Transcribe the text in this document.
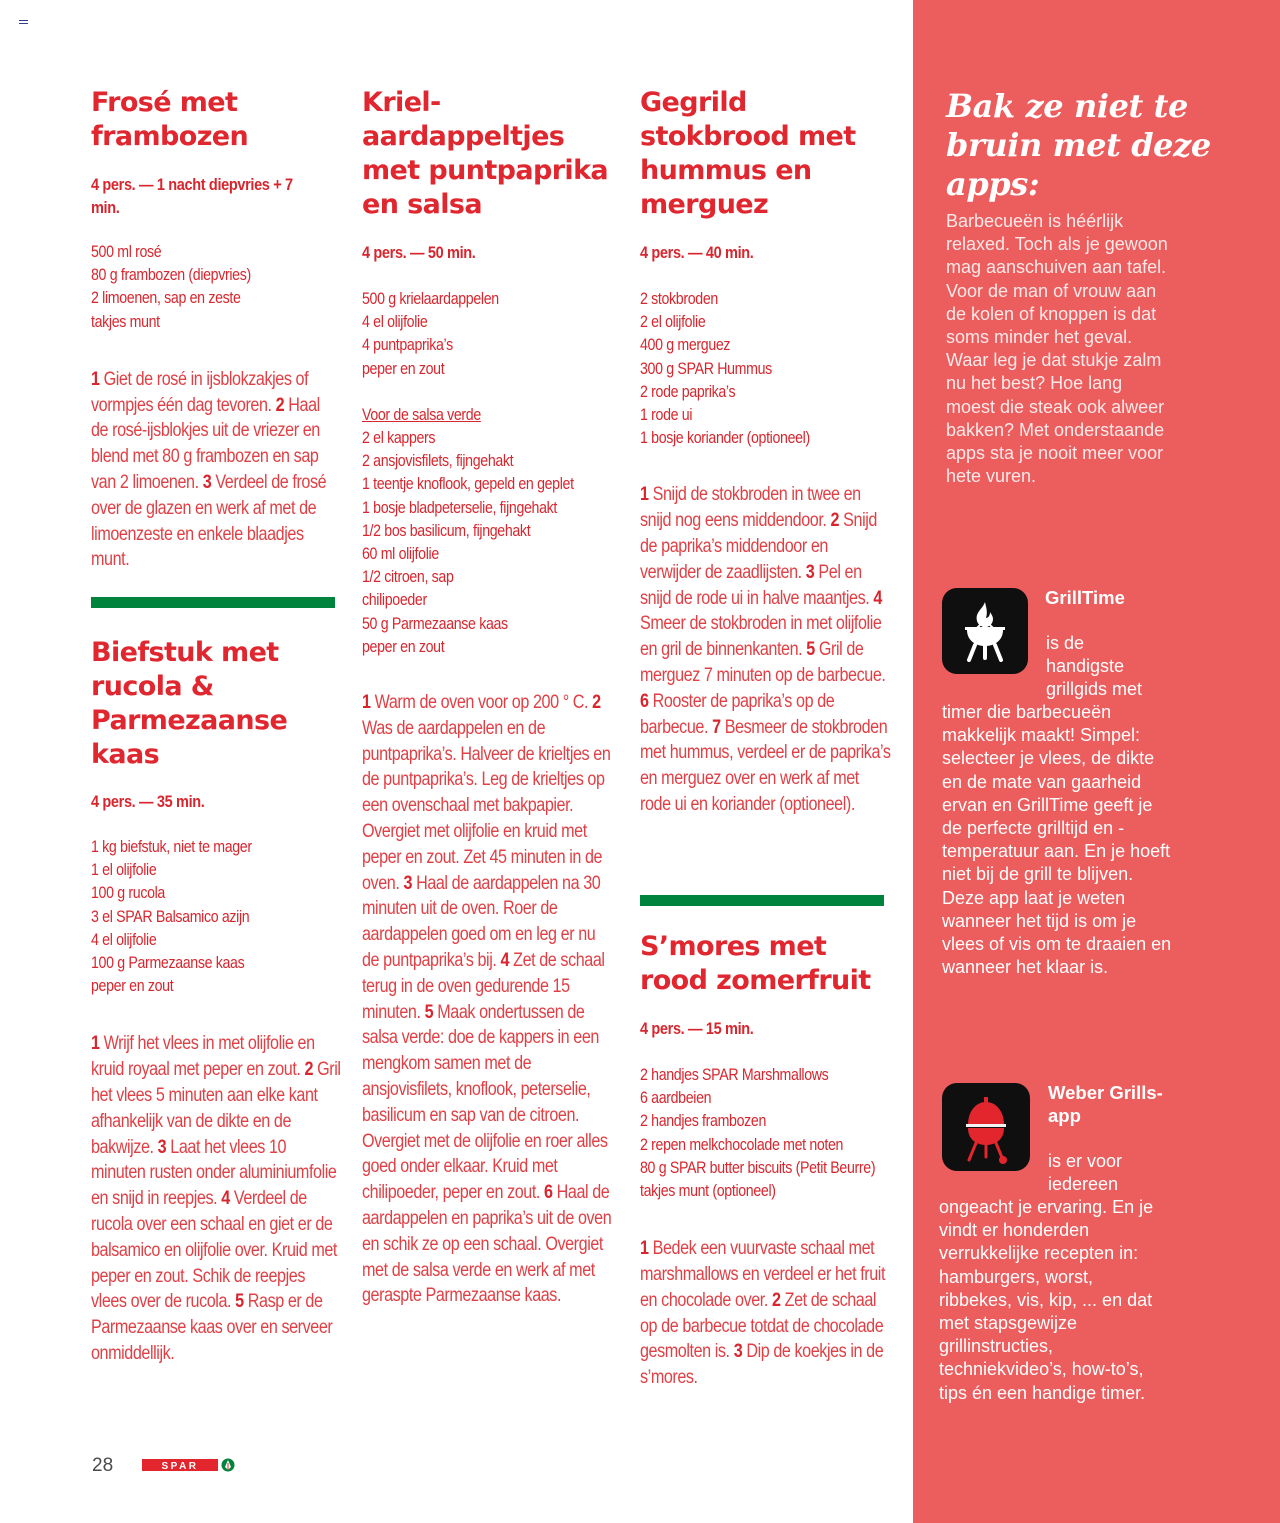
Frosé met frambozen

4 pers. — 1 nacht diepvries + 7 min.

500 ml rosé
80 g frambozen (diepvries)
2 limoenen, sap en zeste
takjes munt

1 Giet de rosé in ijsblokzakjes of vormpjes één dag tevoren. 2 Haal de rosé-ijsblokjes uit de vriezer en blend met 80 g frambozen en sap van 2 limoenen. 3 Verdeel de frosé over de glazen en werk af met de limoenzeste en enkele blaadjes munt.

Biefstuk met rucola & Parmezaanse kaas

4 pers. — 35 min.

1 kg biefstuk, niet te mager
1 el olijfolie
100 g rucola
3 el SPAR Balsamico azijn
4 el olijfolie
100 g Parmezaanse kaas
peper en zout

1 Wrijf het vlees in met olijfolie en kruid royaal met peper en zout. 2 Gril het vlees 5 minuten aan elke kant afhankelijk van de dikte en de bakwijze. 3 Laat het vlees 10 minuten rusten onder aluminiumfolie en snijd in reepjes. 4 Verdeel de rucola over een schaal en giet er de balsamico en olijfolie over. Kruid met peper en zout. Schik de reepjes vlees over de rucola. 5 Rasp er de Parmezaanse kaas over en serveer onmiddellijk.

Kriel-aardappeltjes met puntpaprika en salsa

4 pers. — 50 min.

500 g krielaardappelen
4 el olijfolie
4 puntpaprika’s
peper en zout
Voor de salsa verde
2 el kappers
2 ansjovisfilets, fijngehakt
1 teentje knoflook, gepeld en geplet
1 bosje bladpeterselie, fijngehakt
1/2 bos basilicum, fijngehakt
60 ml olijfolie
1/2 citroen, sap
chilipoeder
50 g Parmezaanse kaas
peper en zout

1 Warm de oven voor op 200 ° C. 2 Was de aardappelen en de puntpaprika’s. Halveer de krieltjes en de puntpaprika’s. Leg de krieltjes op een ovenschaal met bakpapier. Overgiet met olijfolie en kruid met peper en zout. Zet 45 minuten in de oven. 3 Haal de aardappelen na 30 minuten uit de oven. Roer de aardappelen goed om en leg er nu de puntpaprika’s bij. 4 Zet de schaal terug in de oven gedurende 15 minuten. 5 Maak ondertussen de salsa verde: doe de kappers in een mengkom samen met de ansjovisfilets, knoflook, peterselie, basilicum en sap van de citroen. Overgiet met de olijfolie en roer alles goed onder elkaar. Kruid met chilipoeder, peper en zout. 6 Haal de aardappelen en paprika’s uit de oven en schik ze op een schaal. Overgiet met de salsa verde en werk af met geraspte Parmezaanse kaas.

Gegrild stokbrood met hummus en merguez

4 pers. — 40 min.

2 stokbroden
2 el olijfolie
400 g merguez
300 g SPAR Hummus
2 rode paprika’s
1 rode ui
1 bosje koriander (optioneel)

1 Snijd de stokbroden in twee en snijd nog eens middendoor. 2 Snijd de paprika’s middendoor en verwijder de zaadlijsten. 3 Pel en snijd de rode ui in halve maantjes. 4 Smeer de stokbroden in met olijfolie en gril de binnenkanten. 5 Gril de merguez 7 minuten op de barbecue. 6 Rooster de paprika’s op de barbecue. 7 Besmeer de stokbroden met hummus, verdeel er de paprika’s en merguez over en werk af met rode ui en koriander (optioneel).

S’mores met rood zomerfruit

4 pers. — 15 min.

2 handjes SPAR Marshmallows
6 aardbeien
2 handjes frambozen
2 repen melkchocolade met noten
80 g SPAR butter biscuits (Petit Beurre)
takjes munt (optioneel)

1 Bedek een vuurvaste schaal met marshmallows en verdeel er het fruit en chocolade over. 2 Zet de schaal op de barbecue totdat de chocolade gesmolten is. 3 Dip de koekjes in de s’mores.

Bak ze niet te bruin met deze apps:

Barbecueën is héérlijk relaxed. Toch als je gewoon mag aanschuiven aan tafel. Voor de man of vrouw aan de kolen of knoppen is dat soms minder het geval. Waar leg je dat stukje zalm nu het best? Hoe lang moest die steak ook alweer bakken? Met onderstaande apps sta je nooit meer voor hete vuren.

GrillTime

is de handigste grillgids met

timer die barbecueën makkelijk maakt! Simpel: selecteer je vlees, de dikte en de mate van gaarheid ervan en GrillTime geeft je de perfecte grilltijd en -temperatuur aan. En je hoeft niet bij de grill te blijven. Deze app laat je weten wanneer het tijd is om je vlees of vis om te draaien en wanneer het klaar is.

Weber Grills-app

is er voor iedereen

ongeacht je ervaring. En je vindt er honderden verrukkelijke recepten in: hamburgers, worst, ribbekes, vis, kip, ... en dat met stapsgewijze grillinstructies, techniekvideo’s, how-to’s, tips én een handige timer.

28	SPAR
